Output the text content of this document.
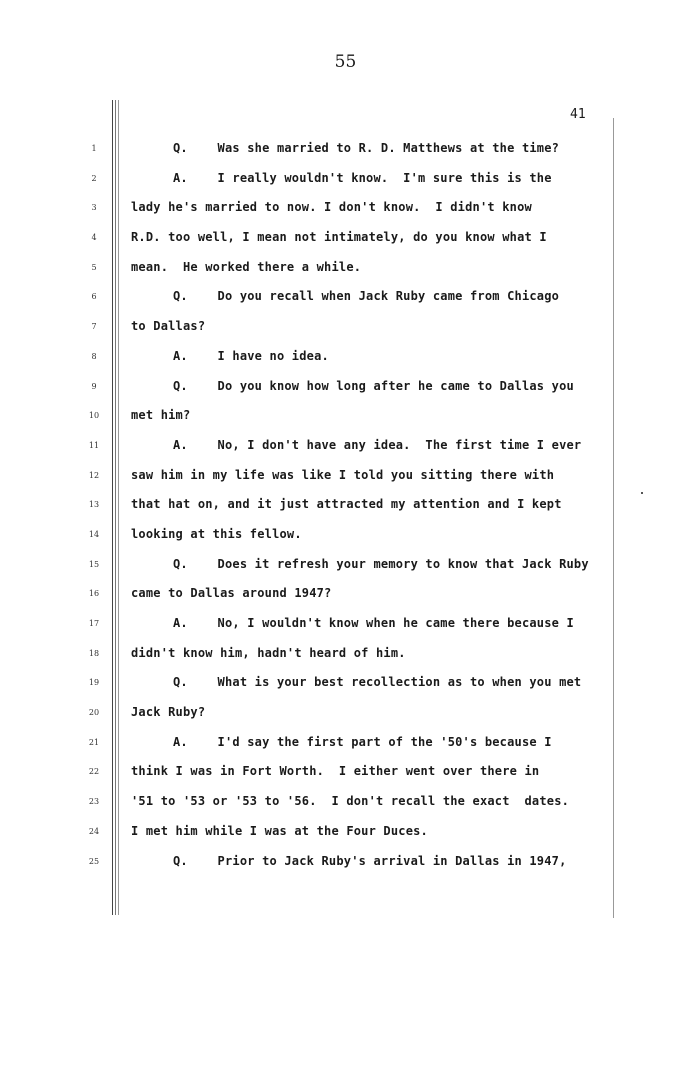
55
41
1	Q.    Was she married to R. D. Matthews at the time?
2	A.    I really wouldn't know.  I'm sure this is the
3	lady he's married to now. I don't know.  I didn't know
4	R.D. too well, I mean not intimately, do you know what I
5	mean.  He worked there a while.
6	Q.    Do you recall when Jack Ruby came from Chicago
7	to Dallas?
8	A.    I have no idea.
9	Q.    Do you know how long after he came to Dallas you
10	met him?
11	A.    No, I don't have any idea.  The first time I ever
12	saw him in my life was like I told you sitting there with
13	that hat on, and it just attracted my attention and I kept
14	looking at this fellow.
15	Q.    Does it refresh your memory to know that Jack Ruby
16	came to Dallas around 1947?
17	A.    No, I wouldn't know when he came there because I
18	didn't know him, hadn't heard of him.
19	Q.    What is your best recollection as to when you met
20	Jack Ruby?
21	A.    I'd say the first part of the '50's because I
22	think I was in Fort Worth.  I either went over there in
23	'51 to '53 or '53 to '56.  I don't recall the exact  dates.
24	I met him while I was at the Four Duces.
25	Q.    Prior to Jack Ruby's arrival in Dallas in 1947,
